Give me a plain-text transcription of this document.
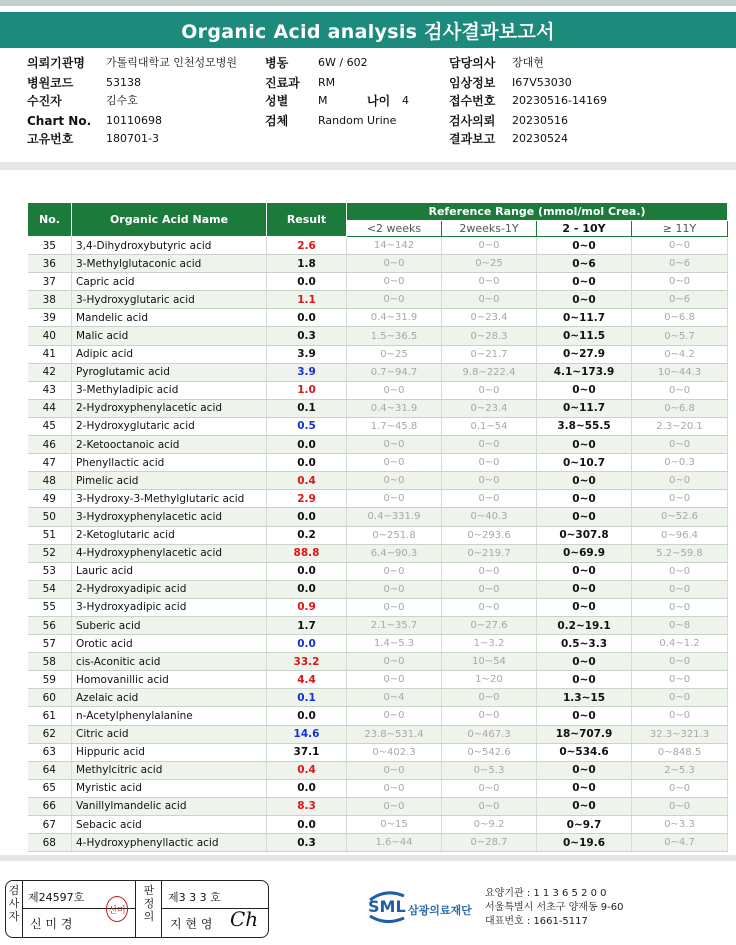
Organic Acid analysis 검사결과보고서
의뢰기관명 가톨릭대학교 인천성모병원
병원코드	53138
수진자	김수호
Chart No. 10110698
고유번호	180701-3
병동	6W / 602
진료과 RM
성별	M
검체	Random Urine
담당의사 장대현
임상정보 I67V53030
접수번호 20230516-14169
검사의뢰 20230516
결과보고 20230524
나이 4
No.	Organic Acid Name	Result	Reference Range (mmol/mol Crea.)			
			<2 weeks	2weeks-1Y	2 - 10Y	≥ 11Y
35	3,4-Dihydroxybutyric acid	2.6	14~142	0~0	0~0	0~0
36	3-Methylglutaconic acid	1.8	0~0	0~25	0~6	0~6
37	Capric acid	0.0	0~0	0~0	0~0	0~0
38	3-Hydroxyglutaric acid	1.1	0~0	0~0	0~0	0~6
39	Mandelic acid	0.0	0.4~31.9	0~23.4	0~11.7	0~6.8
40	Malic acid	0.3	1.5~36.5	0~28.3	0~11.5	0~5.7
41	Adipic acid	3.9	0~25	0~21.7	0~27.9	0~4.2
42	Pyroglutamic acid	3.9	0.7~94.7	9.8~222.4	4.1~173.9	10~44.3
43	3-Methyladipic acid	1.0	0~0	0~0	0~0	0~0
44	2-Hydroxyphenylacetic acid	0.1	0.4~31.9	0~23.4	0~11.7	0~6.8
45	2-Hydroxyglutaric acid	0.5	1.7~45.8	0.1~54	3.8~55.5	2.3~20.1
46	2-Ketooctanoic acid	0.0	0~0	0~0	0~0	0~0
47	Phenyllactic acid	0.0	0~0	0~0	0~10.7	0~0.3
48	Pimelic acid	0.4	0~0	0~0	0~0	0~0
49	3-Hydroxy-3-Methylglutaric acid	2.9	0~0	0~0	0~0	0~0
50	3-Hydroxyphenylacetic acid	0.0	0.4~331.9	0~40.3	0~0	0~52.6
51	2-Ketoglutaric acid	0.2	0~251.8	0~293.6	0~307.8	0~96.4
52	4-Hydroxyphenylacetic acid	88.8	6.4~90.3	0~219.7	0~69.9	5.2~59.8
53	Lauric acid	0.0	0~0	0~0	0~0	0~0
54	2-Hydroxyadipic acid	0.0	0~0	0~0	0~0	0~0
55	3-Hydroxyadipic acid	0.9	0~0	0~0	0~0	0~0
56	Suberic acid	1.7	2.1~35.7	0~27.6	0.2~19.1	0~8
57	Orotic acid	0.0	1.4~5.3	1~3.2	0.5~3.3	0.4~1.2
58	cis-Aconitic acid	33.2	0~0	10~54	0~0	0~0
59	Homovanillic acid	4.4	0~0	1~20	0~0	0~0
60	Azelaic acid	0.1	0~4	0~0	1.3~15	0~0
61	n-Acetylphenylalanine	0.0	0~0	0~0	0~0	0~0
62	Citric acid	14.6	23.8~531.4	0~467.3	18~707.9	32.3~321.3
63	Hippuric acid	37.1	0~402.3	0~542.6	0~534.6	0~848.5
64	Methylcitric acid	0.4	0~0	0~5.3	0~0	2~5.3
65	Myristic acid	0.0	0~0	0~0	0~0	0~0
66	Vanillylmandelic acid	8.3	0~0	0~0	0~0	0~0
67	Sebacic acid	0.0	0~15	0~9.2	0~9.7	0~3.3
68	4-Hydroxyphenyllactic acid	0.3	1.6~44	0~28.7	0~19.6	0~4.7
검
사
자
제24597호
신 미 경
신미
판
정
의
제3 3 3 호
지 현 영 Ch
SML 삼광의료재단
요양기관 : 1 1 3 6 5 2 0 0
서울특별시 서초구 양재동 9-60
대표번호 : 1661-5117
